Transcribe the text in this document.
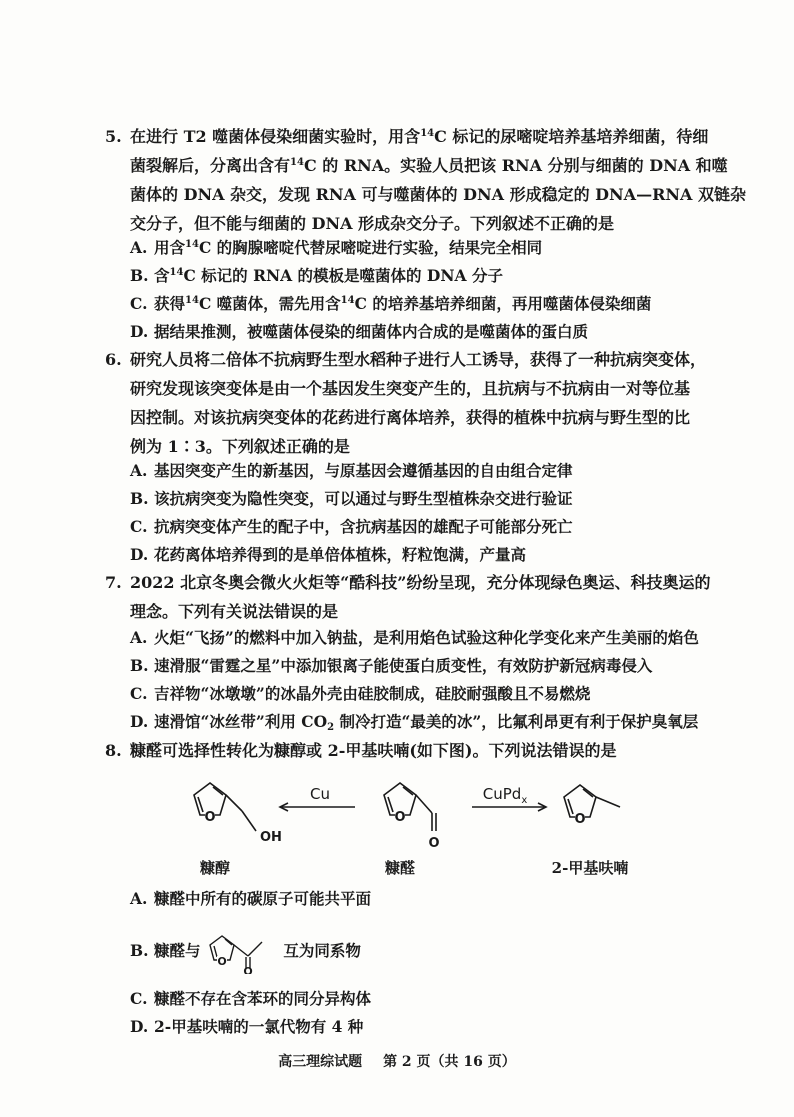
5. 在进行 T2 噬菌体侵染细菌实验时，用含$^{14}$C 标记的尿嘧啶培养基培养细菌，待细
菌裂解后，分离出含有$^{14}$C 的 RNA。实验人员把该 RNA 分别与细菌的 DNA 和噬
菌体的 DNA 杂交，发现 RNA 可与噬菌体的 DNA 形成稳定的 DNA—RNA 双链杂
交分子，但不能与细菌的 DNA 形成杂交分子。下列叙述不正确的是
A. 用含$^{14}$C 的胸腺嘧啶代替尿嘧啶进行实验，结果完全相同
B. 含$^{14}$C 标记的 RNA 的模板是噬菌体的 DNA 分子
C. 获得$^{14}$C 噬菌体，需先用含$^{14}$C 的培养基培养细菌，再用噬菌体侵染细菌
D. 据结果推测，被噬菌体侵染的细菌体内合成的是噬菌体的蛋白质
6. 研究人员将二倍体不抗病野生型水稻种子进行人工诱导，获得了一种抗病突变体，
研究发现该突变体是由一个基因发生突变产生的，且抗病与不抗病由一对等位基
因控制。对该抗病突变体的花药进行离体培养，获得的植株中抗病与野生型的比
例为 1∶3。下列叙述正确的是
A. 基因突变产生的新基因，与原基因会遵循基因的自由组合定律
B. 该抗病突变为隐性突变，可以通过与野生型植株杂交进行验证
C. 抗病突变体产生的配子中，含抗病基因的雄配子可能部分死亡
D. 花药离体培养得到的是单倍体植株，籽粒饱满，产量高
7. 2022 北京冬奥会微火火炬等“酷科技”纷纷呈现，充分体现绿色奥运、科技奥运的
理念。下列有关说法错误的是
A. 火炬“飞扬”的燃料中加入钠盐，是利用焰色试验这种化学变化来产生美丽的焰色
B. 速滑服“雷霆之星”中添加银离子能使蛋白质变性，有效防护新冠病毒侵入
C. 吉祥物“冰墩墩”的冰晶外壳由硅胶制成，硅胶耐强酸且不易燃烧
D. 速滑馆“冰丝带”利用 $CO_2$ 制冷打造“最美的冰”，比氟利昂更有利于保护臭氧层
8. 糠醛可选择性转化为糠醇或 2-甲基呋喃(如下图)。下列说法错误的是
O	O	O
OH	O
Cu	CuPd$_x$
糠醇	糠醛	2-甲基呋喃
A. 糠醛中所有的碳原子可能共平面
B. 糠醛与
O
O
互为同系物
C. 糠醛不存在含苯环的同分异构体
D. 2-甲基呋喃的一氯代物有 4 种
高三理综试题 第 2 页（共 16 页）
